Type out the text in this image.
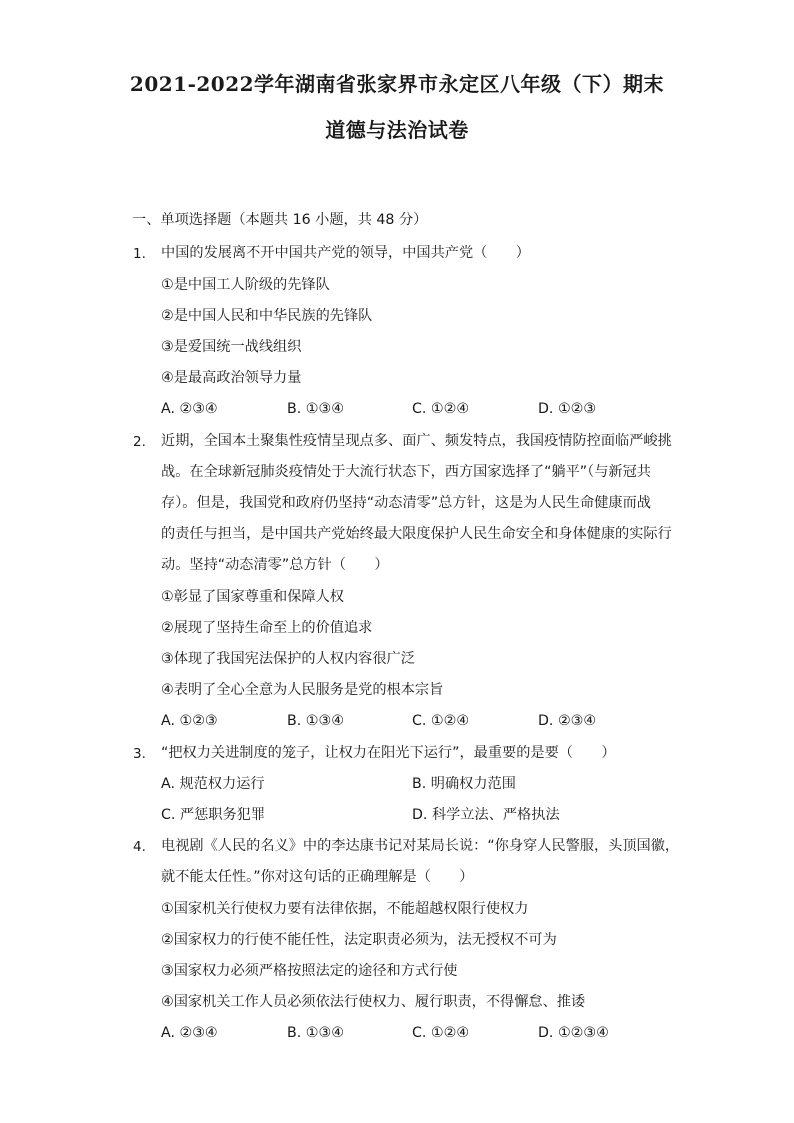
2021-2022学年湖南省张家界市永定区八年级（下）期末
道德与法治试卷
一、单项选择题（本题共 16 小题，共 48 分）
1. 中国的发展离不开中国共产党的领导，中国共产党（　　）
①是中国工人阶级的先锋队
②是中国人民和中华民族的先锋队
③是爱国统一战线组织
④是最高政治领导力量
A. ②③④	B. ①③④	C. ①②④	D. ①②③
2. 近期，全国本土聚集性疫情呈现点多、面广、频发特点，我国疫情防控面临严峻挑
战。在全球新冠肺炎疫情处于大流行状态下，西方国家选择了“躺平”（与新冠共
存）。但是，我国党和政府仍坚持“动态清零”总方针，这是为人民生命健康而战
的责任与担当，是中国共产党始终最大限度保护人民生命安全和身体健康的实际行
动。坚持“动态清零”总方针（　　）
①彰显了国家尊重和保障人权
②展现了坚持生命至上的价值追求
③体现了我国宪法保护的人权内容很广泛
④表明了全心全意为人民服务是党的根本宗旨
A. ①②③	B. ①③④	C. ①②④	D. ②③④
3. “把权力关进制度的笼子，让权力在阳光下运行”，最重要的是要（　　）
A. 规范权力运行	B. 明确权力范围
C. 严惩职务犯罪	D. 科学立法、严格执法
4. 电视剧《人民的名义》中的李达康书记对某局长说：“你身穿人民警服，头顶国徽，
就不能太任性。”你对这句话的正确理解是（　　）
①国家机关行使权力要有法律依据，不能超越权限行使权力
②国家权力的行使不能任性，法定职责必须为，法无授权不可为
③国家权力必须严格按照法定的途径和方式行使
④国家机关工作人员必须依法行使权力、履行职责，不得懈怠、推诿
A. ②③④	B. ①③④	C. ①②④	D. ①②③④
